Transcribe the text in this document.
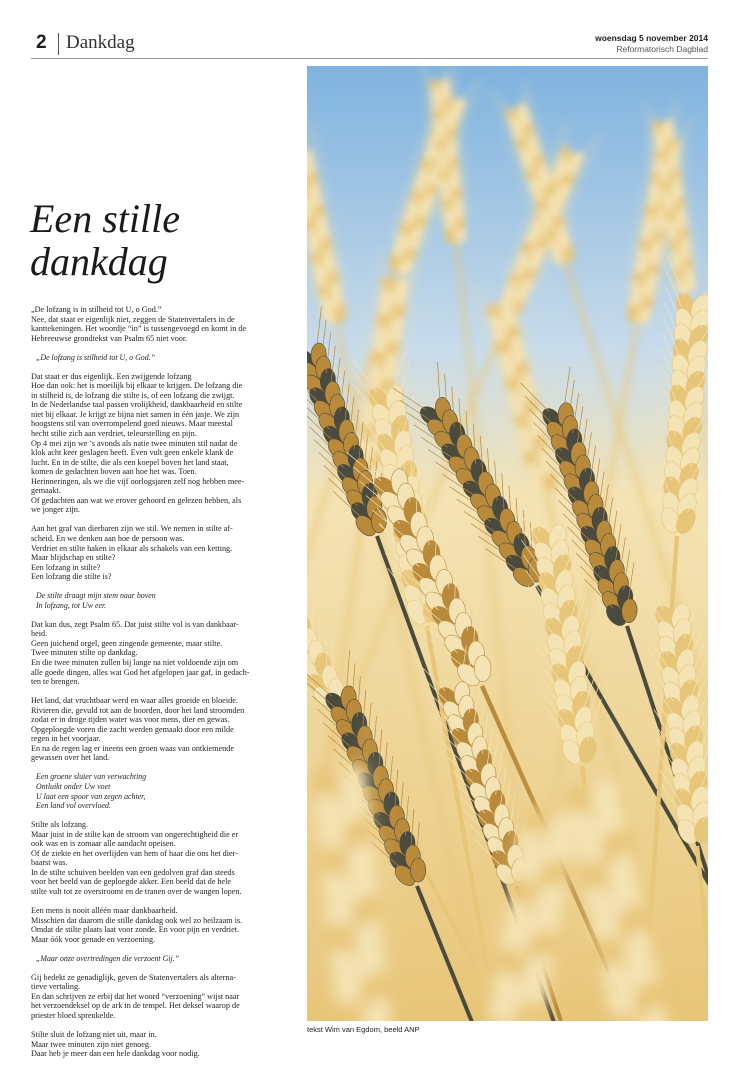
2 Dankdag	woensdag 5 november 2014
Reformatorisch Dagblad
Een stille
dankdag

„De lofzang is in stilheid tot U, o God.”
Nee, dat staat er eigenlijk niet, zeggen de Statenvertalers in de
kanttekeningen. Het woordje “in” is tussengevoegd en komt in de
Hebreeuwse grondtekst van Psalm 65 niet voor.

„De lofzang is stilheid tot U, o God.”

Dat staat er dus eigenlijk. Een zwijgende lofzang
Hoe dan ook: het is moeilijk bij elkaar te krijgen. De lofzang die
in stilheid is, de lofzang die stilte is, of een lofzang die zwijgt.
In de Nederlandse taal passen vrolijkheid, dankbaarheid en stilte
niet bij elkaar. Je krijgt ze bijna niet samen in één jasje. We zijn
hoogstens stil van overrompelend goed nieuws. Maar meestal
hecht stilte zich aan verdriet, teleurstelling en pijn.
Op 4 mei zijn we ’s avonds als natie twee minuten stil nadat de
klok acht keer geslagen heeft. Even vult geen enkele klank de
lucht. En in de stilte, die als een koepel boven het land staat,
komen de gedachten boven aan hoe het was. Toen.
Herinneringen, als we die vijf oorlogsjaren zelf nog hebben mee-
gemaakt.
Of gedachten aan wat we erover gehoord en gelezen hebben, als
we jonger zijn.

Aan het graf van dierbaren zijn we stil. We nemen in stilte af-
scheid. En we denken aan hoe de persoon was.
Verdriet en stilte haken in elkaar als schakels van een ketting.
Maar blijdschap en stilte?
Een lofzang in stilte?
Een lofzang die stilte is?

De stilte draagt mijn stem naar boven
In lofzang, tot Uw eer.

Dat kan dus, zegt Psalm 65. Dat juist stilte vol is van dankbaar-
heid.
Geen juichend orgel, geen zingende gemeente, maar stilte.
Twee minuten stilte op dankdag.
En die twee minuten zullen bij lange na niet voldoende zijn om
alle goede dingen, alles wat God het afgelopen jaar gaf, in gedach-
ten te brengen.

Het land, dat vruchtbaar werd en waar alles groeide en bloeide.
Rivieren die, gevuld tot aan de boorden, door het land stroomden
zodat er in droge tijden water was voor mens, dier en gewas.
Opgeploegde voren die zacht werden gemaakt door een milde
regen in het voorjaar.
En na de regen lag er ineens een groen waas van ontkiemende
gewassen over het land.

Een groene sluier van verwachting
Ontluikt onder Uw voet
U laat een spoor van zegen achter,
Een land vol overvloed.

Stilte als lofzang.
Maar juist in de stilte kan de stroom van ongerechtigheid die er
ook was en is zomaar alle aandacht opeisen.
Of de ziekte en het overlijden van hem of haar die ons het dier-
baarst was.
In de stilte schuiven beelden van een gedolven graf dan steeds
voor het beeld van de geploegde akker. Een beeld dat de hele
stilte vult tot ze overstroomt en de tranen over de wangen lopen.

Een mens is nooit alléén maar dankbaarheid.
Misschien dat daarom die stille dankdag ook wel zo heilzaam is.
Omdat de stilte plaats laat voor zonde. En voor pijn en verdriet.
Maar óók voor genade en verzoening.

„Maar onze overtredingen die verzoent Gij.”

Gij bedekt ze genadiglijk, geven de Statenvertalers als alterna-
tieve vertaling.
En dan schrijven ze erbij dat het woord “verzoening” wijst naar
het verzoendeksel op de ark in de tempel. Het deksel waarop de
priester bloed sprenkelde.

Stilte sluit de lofzang niet uit, maar in.
Maar twee minuten zijn niet genoeg.
Daar heb je meer dan een hele dankdag voor nodig.

tekst Wim van Egdom, beeld ANP
